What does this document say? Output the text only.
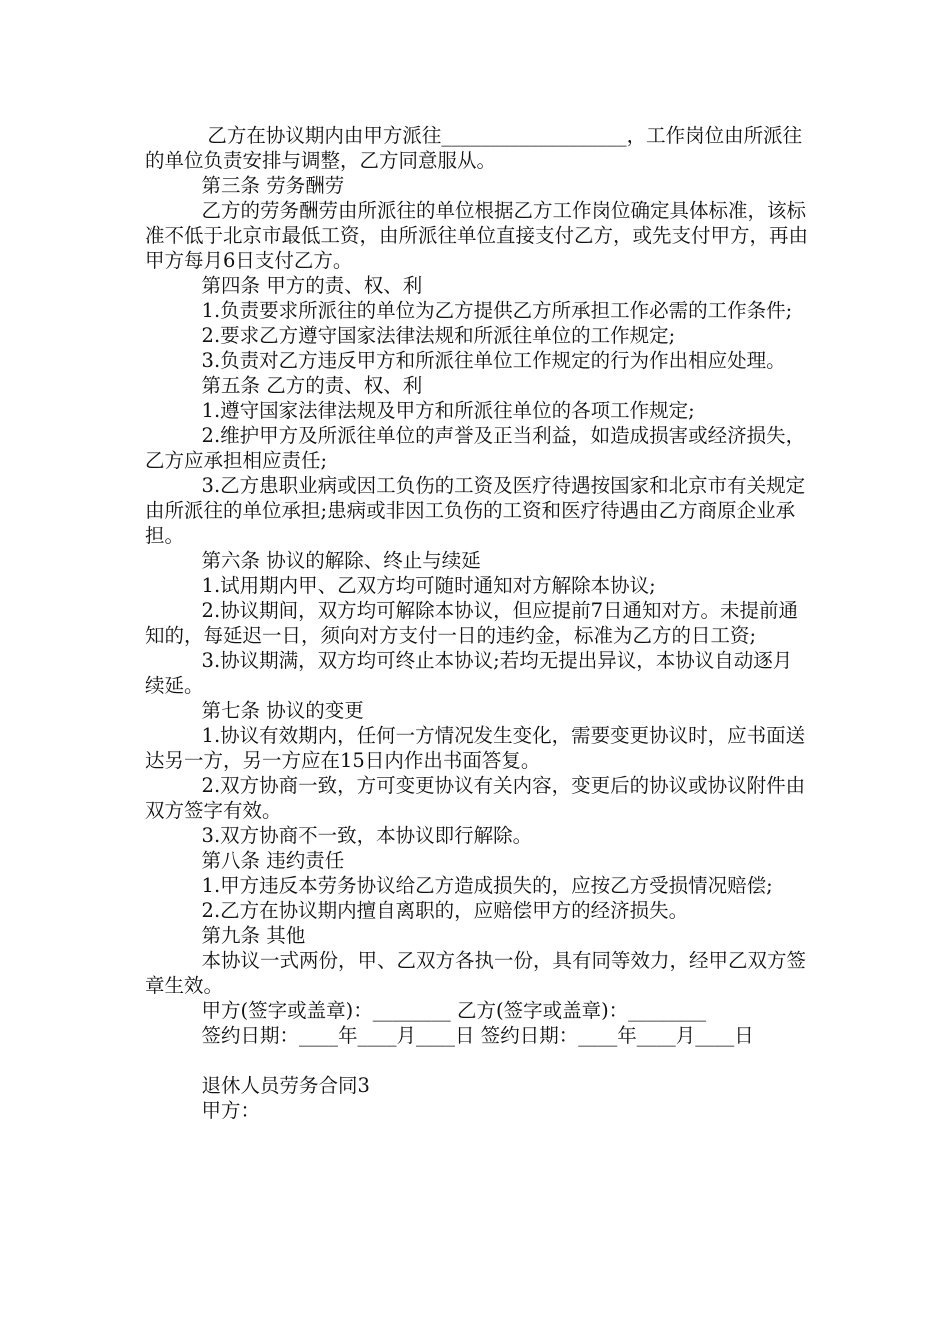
乙方在协议期内由甲方派往___________________，工作岗位由所派往的单位负责安排与调整，乙方同意服从。

第三条 劳务酬劳

乙方的劳务酬劳由所派往的单位根据乙方工作岗位确定具体标准，该标准不低于北京市最低工资，由所派往单位直接支付乙方，或先支付甲方，再由甲方每月6日支付乙方。

第四条 甲方的责、权、利

1.负责要求所派往的单位为乙方提供乙方所承担工作必需的工作条件;

2.要求乙方遵守国家法律法规和所派往单位的工作规定;

3.负责对乙方违反甲方和所派往单位工作规定的行为作出相应处理。

第五条 乙方的责、权、利

1.遵守国家法律法规及甲方和所派往单位的各项工作规定;

2.维护甲方及所派往单位的声誉及正当利益，如造成损害或经济损失，乙方应承担相应责任;

3.乙方患职业病或因工负伤的工资及医疗待遇按国家和北京市有关规定由所派往的单位承担;患病或非因工负伤的工资和医疗待遇由乙方商原企业承担。

第六条 协议的解除、终止与续延

1.试用期内甲、乙双方均可随时通知对方解除本协议;

2.协议期间，双方均可解除本协议，但应提前7日通知对方。未提前通知的，每延迟一日，须向对方支付一日的违约金，标准为乙方的日工资;

3.协议期满，双方均可终止本协议;若均无提出异议，本协议自动逐月续延。

第七条 协议的变更

1.协议有效期内，任何一方情况发生变化，需要变更协议时，应书面送达另一方，另一方应在15日内作出书面答复。

2.双方协商一致，方可变更协议有关内容，变更后的协议或协议附件由双方签字有效。

3.双方协商不一致，本协议即行解除。

第八条 违约责任

1.甲方违反本劳务协议给乙方造成损失的，应按乙方受损情况赔偿;

2.乙方在协议期内擅自离职的，应赔偿甲方的经济损失。

第九条 其他

本协议一式两份，甲、乙双方各执一份，具有同等效力，经甲乙双方签章生效。

甲方(签字或盖章)：________ 乙方(签字或盖章)：________

签约日期：____年____月____日 签约日期：____年____月____日

退休人员劳务合同3

甲方：
